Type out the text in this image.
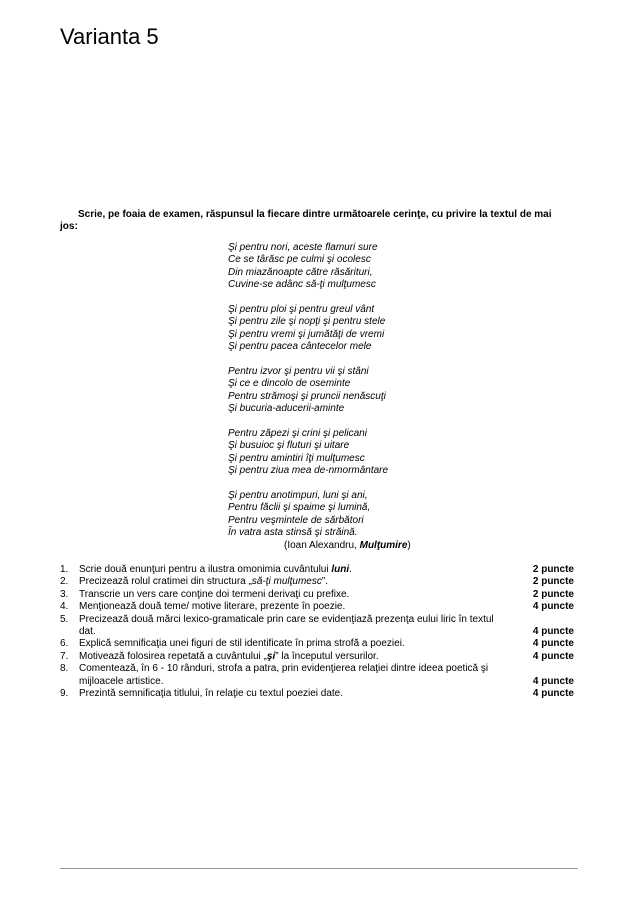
Varianta 5
Scrie, pe foaia de examen, răspunsul la fiecare dintre următoarele cerinţe, cu privire la textul de mai jos:
Şi pentru nori, aceste flamuri sure
Ce se târăsc pe culmi şi ocolesc
Din miazănoapte către răsărituri,
Cuvine-se adânc să-ţi mulţumesc
Şi pentru ploi şi pentru greul vânt
Şi pentru zile şi nopţi şi pentru stele
Şi pentru vremi şi jumătăţi de vremi
Şi pentru pacea cântecelor mele
Pentru izvor şi pentru vii şi stâni
Şi ce e dincolo de oseminte
Pentru strămoşi şi pruncii nenăscuţi
Şi bucuria-aducerii-aminte
Pentru zăpezi şi crini şi pelicani
Şi busuioc şi fluturi şi uitare
Şi pentru amintiri îţi mulţumesc
Şi pentru ziua mea de-nmormântare
Şi pentru anotimpuri, luni şi ani,
Pentru făclii şi spaime şi lumină,
Pentru veşmintele de sărbători
În vatra asta stinsă şi străină.
(Ioan Alexandru, Mulţumire)
1. Scrie două enunţuri pentru a ilustra omonimia cuvântului luni.	2 puncte
2. Precizează rolul cratimei din structura „să-ţi mulţumesc”.	2 puncte
3. Transcrie un vers care conţine doi termeni derivaţi cu prefixe.	2 puncte
4. Menţionează două teme/ motive literare, prezente în poezie.	4 puncte
5. Precizează două mărci lexico-gramaticale prin care se evidenţiază prezenţa eului liric în textul dat.	4 puncte
6. Explică semnificaţia unei figuri de stil identificate în prima strofă a poeziei.	4 puncte
7. Motivează folosirea repetată a cuvântului „şi” la începutul versurilor.	4 puncte
8. Comentează, în 6 - 10 rânduri, strofa a patra, prin evidenţierea relaţiei dintre ideea poetică şi mijloacele artistice.	4 puncte
9. Prezintă semnificaţia titlului, în relaţie cu textul poeziei date.	4 puncte
